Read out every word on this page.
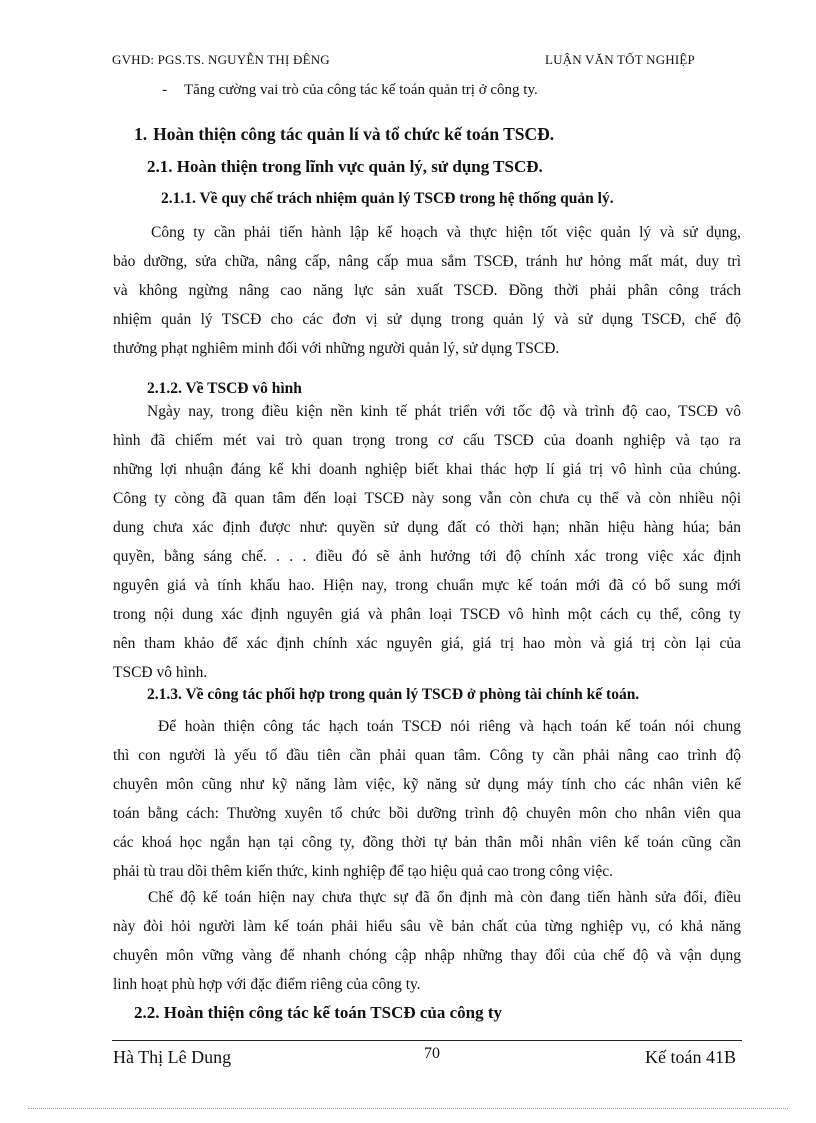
GVHD: PGS.TS. NGUYỄN THỊ ĐÊNG	LUẬN VĂN TỐT NGHIỆP
- Tăng cường vai trò của công tác kế toán quản trị ở công ty.
1. Hoàn thiện công tác quản lí và tổ chức kế toán TSCĐ.
2.1. Hoàn thiện trong lĩnh vực quản lý, sử dụng TSCĐ.
2.1.1. Về quy chế trách nhiệm quản lý TSCĐ trong hệ thống quản lý.
Công ty cần phải tiến hành lập kế hoạch và thực hiện tốt việc quản lý và sử dụng,
bảo dưỡng, sửa chữa, nâng cấp, nâng cấp mua sắm TSCĐ, tránh hư hỏng mất mát, duy trì
và không ngừng nâng cao năng lực sản xuất TSCĐ. Đồng thời phải phân công trách
nhiệm quản lý TSCĐ cho các đơn vị sử dụng trong quản lý và sử dụng TSCĐ, chế độ
thưởng phạt nghiêm minh đối với những người quản lý, sử dụng TSCĐ.
2.1.2. Về TSCĐ vô hình
Ngày nay, trong điều kiện nền kinh tế phát triển với tốc độ và trình độ cao, TSCĐ vô
hình đã chiếm mét vai trò quan trọng trong cơ cấu TSCĐ của doanh nghiệp và tạo ra
những lợi nhuận đáng kể khi doanh nghiệp biết khai thác hợp lí giá trị vô hình của chúng.
Công ty còng đã quan tâm đến loại TSCĐ này song vẫn còn chưa cụ thể và còn nhiều nội
dung chưa xác định được như: quyền sử dụng đất có thời hạn; nhãn hiệu hàng húa; bản
quyền, bằng sáng chế. . . . điều đó sẽ ảnh hưởng tới độ chính xác trong việc xác định
nguyên giá và tính khấu hao. Hiện nay, trong chuẩn mực kế toán mới đã có bổ sung mới
trong nội dung xác định nguyên giá và phân loại TSCĐ vô hình một cách cụ thể, công ty
nên tham khảo để xác định chính xác nguyên giá, giá trị hao mòn và giá trị còn lại của
TSCĐ vô hình.
2.1.3. Về công tác phối hợp trong quản lý TSCĐ ở phòng tài chính kế toán.
Để hoàn thiện công tác hạch toán TSCĐ nói riêng và hạch toán kế toán nói chung
thì con người là yếu tố đầu tiên cần phải quan tâm. Công ty cần phải nâng cao trình độ
chuyên môn cũng như kỹ năng làm việc, kỹ năng sử dụng máy tính cho các nhân viên kế
toán bằng cách: Thường xuyên tổ chức bồi dưỡng trình độ chuyên môn cho nhân viên qua
các khoá học ngắn hạn tại công ty, đồng thời tự bản thân mỗi nhân viên kế toán cũng cần
phải tù trau dồi thêm kiến thức, kinh nghiệp để tạo hiệu quả cao trong công việc.
Chế độ kế toán hiện nay chưa thực sự đã ổn định mà còn đang tiến hành sửa đổi, điều
này đòi hỏi người làm kế toán phải hiểu sâu về bản chất của từng nghiệp vụ, có khả năng
chuyên môn vững vàng để nhanh chóng cập nhập những thay đổi của chế độ và vận dụng
linh hoạt phù hợp với đặc điểm riêng của công ty.
2.2. Hoàn thiện công tác kế toán TSCĐ của công ty
Hà Thị Lê Dung	70	Kế toán 41B
